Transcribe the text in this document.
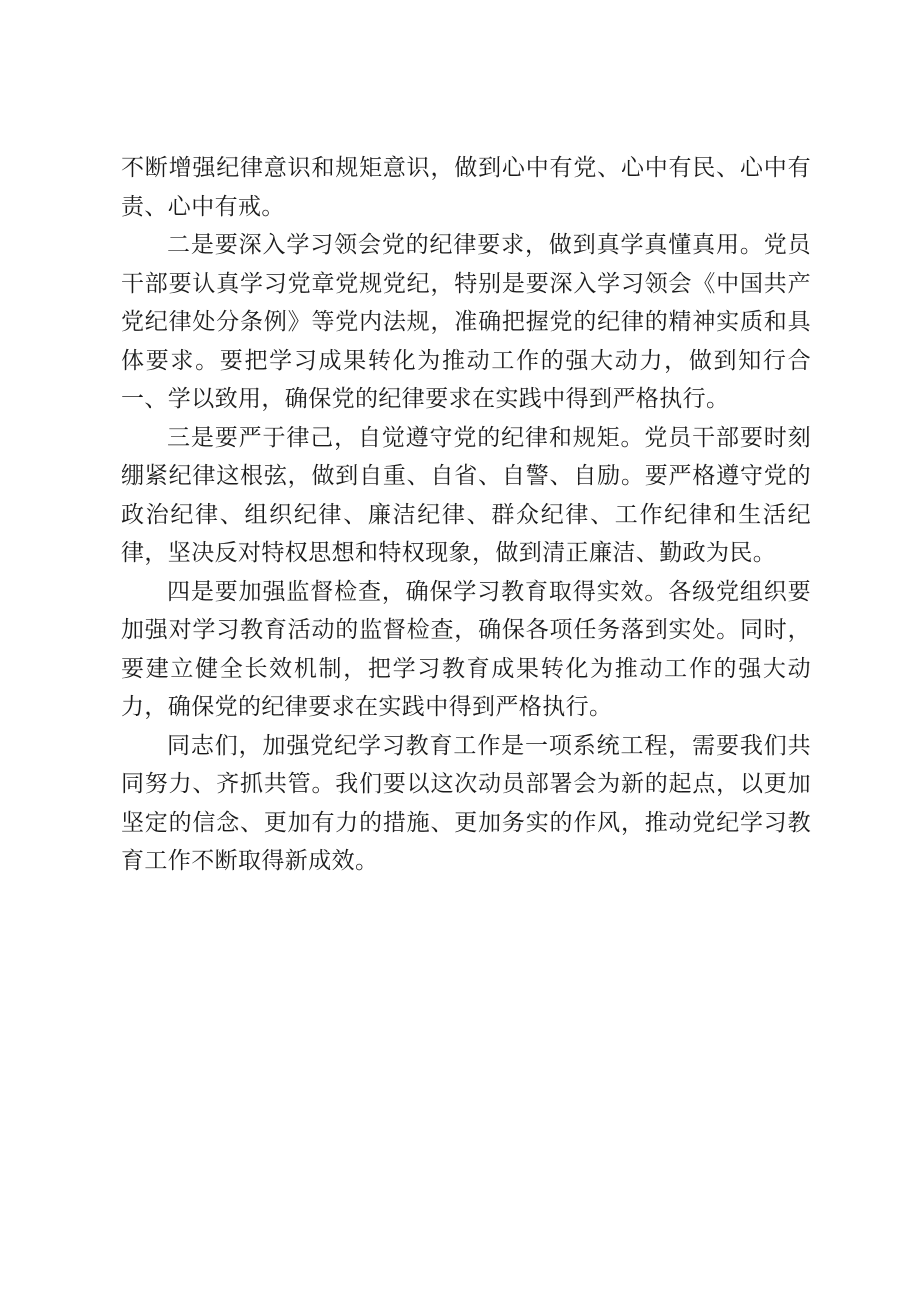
不断增强纪律意识和规矩意识，做到心中有党、心中有民、心中有责、心中有戒。

二是要深入学习领会党的纪律要求，做到真学真懂真用。党员干部要认真学习党章党规党纪，特别是要深入学习领会《中国共产党纪律处分条例》等党内法规，准确把握党的纪律的精神实质和具体要求。要把学习成果转化为推动工作的强大动力，做到知行合一、学以致用，确保党的纪律要求在实践中得到严格执行。

三是要严于律己，自觉遵守党的纪律和规矩。党员干部要时刻绷紧纪律这根弦，做到自重、自省、自警、自励。要严格遵守党的政治纪律、组织纪律、廉洁纪律、群众纪律、工作纪律和生活纪律，坚决反对特权思想和特权现象，做到清正廉洁、勤政为民。

四是要加强监督检查，确保学习教育取得实效。各级党组织要加强对学习教育活动的监督检查，确保各项任务落到实处。同时，要建立健全长效机制，把学习教育成果转化为推动工作的强大动力，确保党的纪律要求在实践中得到严格执行。

同志们，加强党纪学习教育工作是一项系统工程，需要我们共同努力、齐抓共管。我们要以这次动员部署会为新的起点，以更加坚定的信念、更加有力的措施、更加务实的作风，推动党纪学习教育工作不断取得新成效。
